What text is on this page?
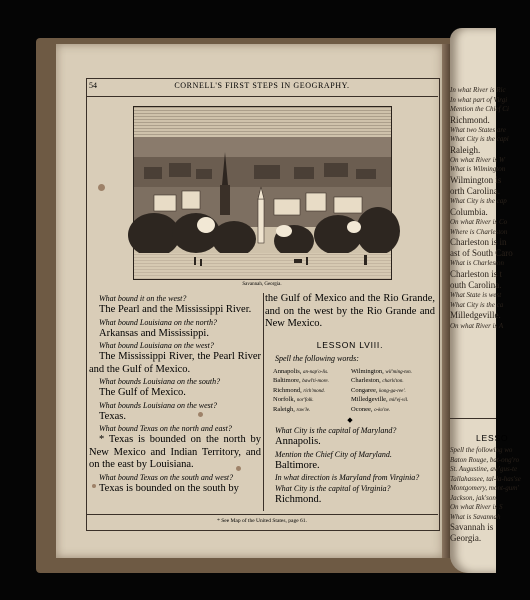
In what River is Ric
In what part of Virgi
Mention the Chief Ci
Richmond.
What two States are
What City is the capi
Raleigh.
On what River is W
What is Wilmington
Wilmington is
orth Carolina.
What City is the cap
Columbia.
On what River is Co
Where is Charleston
Charleston is in
ast of South Caro
What is Charleston
Charleston is t
outh Carolina.
What State is west
What City is the ca
Milledgeville.
On what River is A
LESSO
Spell the following wo
Baton Rouge, bat-ong'ro
St. Augustine, aw'gus-te
Tallahassee, tal-la-has'se
Montgomery, mont-gum'
Jackson, jak'son.
On what River is S
What is Savannah
Savannah is
Georgia.
54	CORNELL'S FIRST STEPS IN GEOGRAPHY.
Savannah, Georgia.
What bound it on the west?
The Pearl and the Mississippi River.
What bound Louisiana on the north?
Arkansas and Mississippi.
What bound Louisiana on the west?
The Mississippi River, the Pearl River and the Gulf of Mexico.
What bounds Louisiana on the south?
The Gulf of Mexico.
What bounds Louisiana on the west?
Texas.
What bound Texas on the north and east?
* Texas is bounded on the north by New Mexico and Indian Territory, and on the east by Louisiana.
What bound Texas on the south and west?
Texas is bounded on the south by
the Gulf of Mexico and the Rio Grande, and on the west by the Rio Grande and New Mexico.
LESSON LVIII.
Spell the following words:
Annapolis, an-nap'o-lis.	Wilmington, wil'ming-ton.
Baltimore, bawl'ti-more.	Charleston, charls'ton.
Richmond, rich'mond.	Congaree, kong-ga-ree'.
Norfolk, nor'folk.	Milledgeville, mil'ej-vil.
Raleigh, raw'le.	Oconee, o-ko'ne.
◆
What City is the capital of Maryland?
Annapolis.
Mention the Chief City of Maryland.
Baltimore.
In what direction is Maryland from Virginia?
What City is the capital of Virginia?
Richmond.
* See Map of the United States, page 61.
